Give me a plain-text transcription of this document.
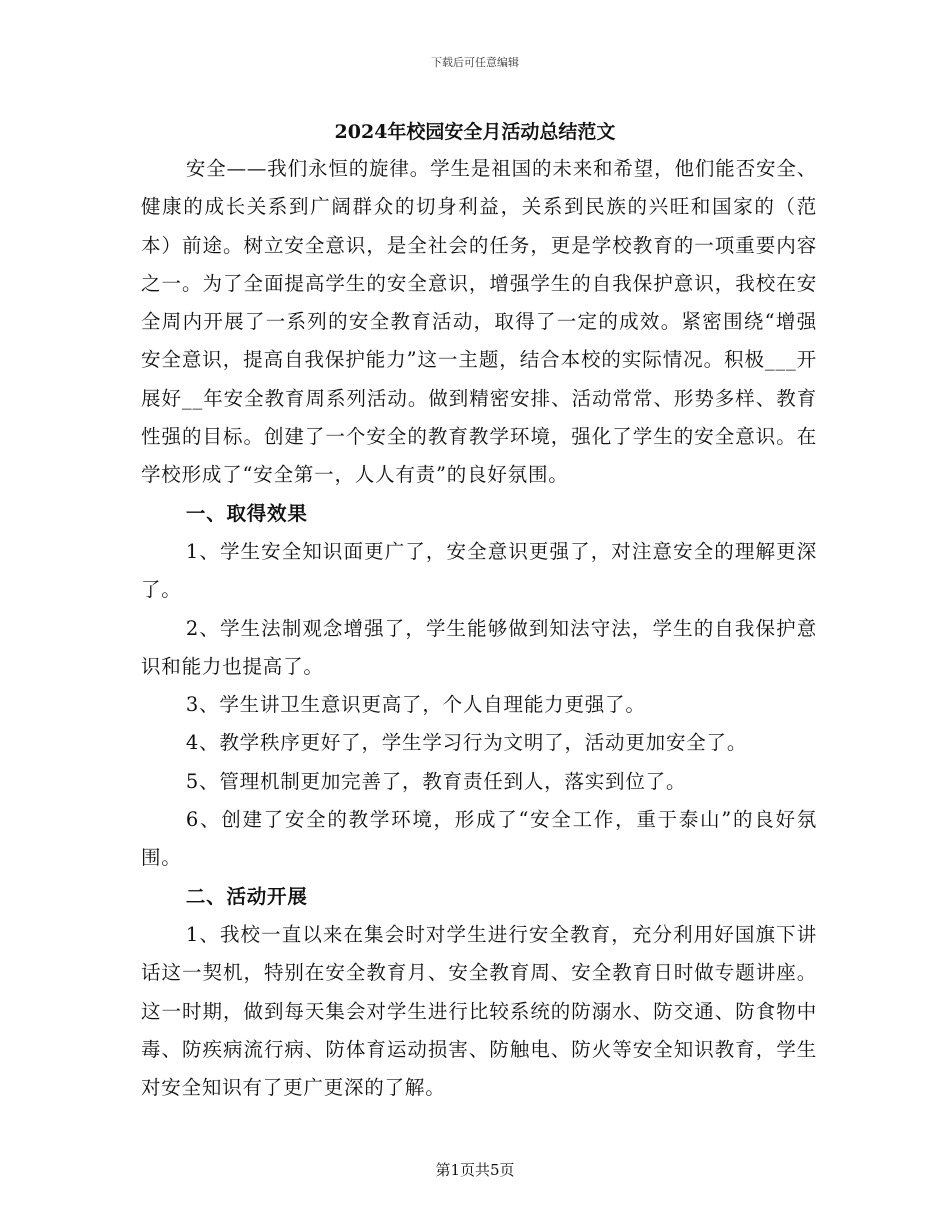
下载后可任意编辑
2024年校园安全月活动总结范文

安全——我们永恒的旋律。学生是祖国的未来和希望，他们能否安全、健康的成长关系到广阔群众的切身利益，关系到民族的兴旺和国家的（范本）前途。树立安全意识，是全社会的任务，更是学校教育的一项重要内容之一。为了全面提高学生的安全意识，增强学生的自我保护意识，我校在安全周内开展了一系列的安全教育活动，取得了一定的成效。紧密围绕“增强安全意识，提高自我保护能力”这一主题，结合本校的实际情况。积极___开展好__年安全教育周系列活动。做到精密安排、活动常常、形势多样、教育性强的目标。创建了一个安全的教育教学环境，强化了学生的安全意识。在学校形成了“安全第一，人人有责”的良好氛围。

一、取得效果

1、学生安全知识面更广了，安全意识更强了，对注意安全的理解更深了。

2、学生法制观念增强了，学生能够做到知法守法，学生的自我保护意识和能力也提高了。

3、学生讲卫生意识更高了，个人自理能力更强了。

4、教学秩序更好了，学生学习行为文明了，活动更加安全了。

5、管理机制更加完善了，教育责任到人，落实到位了。

6、创建了安全的教学环境，形成了“安全工作，重于泰山”的良好氛围。

二、活动开展

1、我校一直以来在集会时对学生进行安全教育，充分利用好国旗下讲话这一契机，特别在安全教育月、安全教育周、安全教育日时做专题讲座。这一时期，做到每天集会对学生进行比较系统的防溺水、防交通、防食物中毒、防疾病流行病、防体育运动损害、防触电、防火等安全知识教育，学生对安全知识有了更广更深的了解。

第1页共5页
